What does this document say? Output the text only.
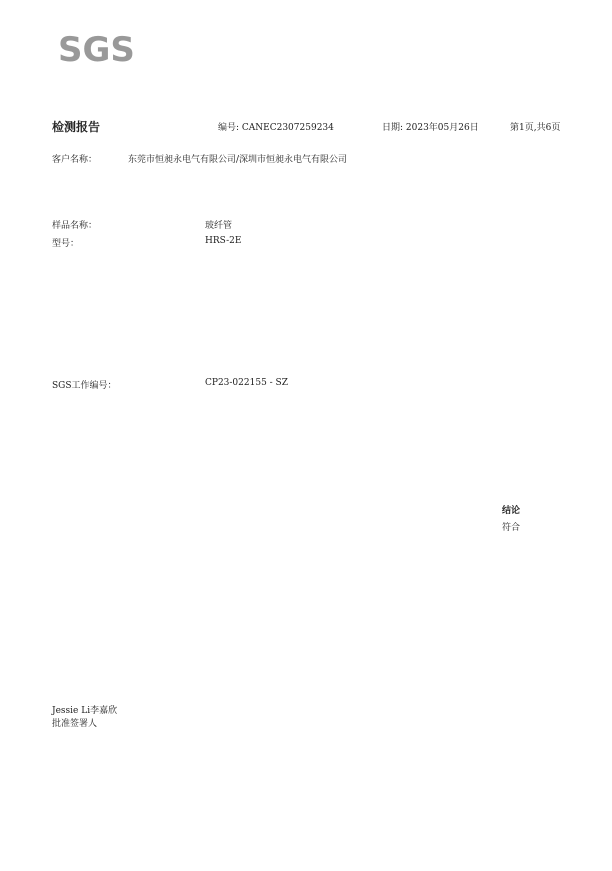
SGS
检测报告	编号: CANEC2307259234	日期: 2023年05月26日	第1页,共6页
客户名称：	东莞市恒昶永电气有限公司/深圳市恒昶永电气有限公司
样品名称：	玻纤管
型号：	HRS-2E
SGS工作编号：	CP23-022155 - SZ
结论
符合
Jessie Li李嘉欣
批准签署人
